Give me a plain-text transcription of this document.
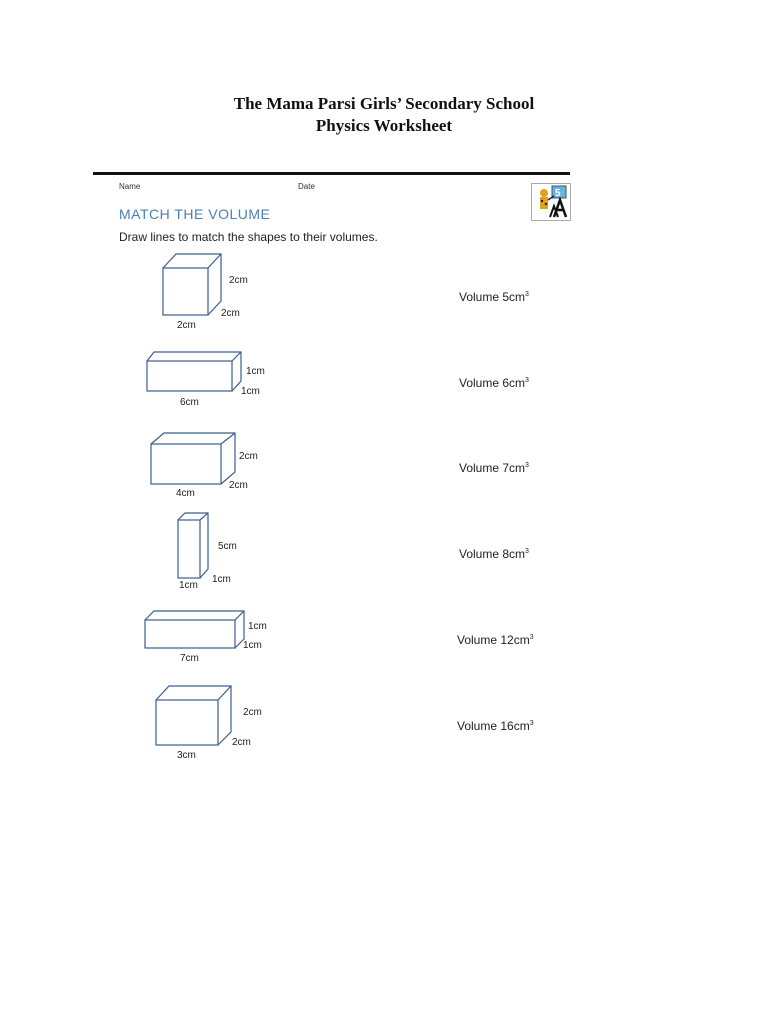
The Mama Parsi Girls’ Secondary School
Physics Worksheet
Name	Date
MATCH THE VOLUME
Draw lines to match the shapes to their volumes.
5
2cm
2cm
2cm
1cm
1cm
6cm
2cm
2cm
4cm
5cm
1cm
1cm
1cm
1cm
7cm
2cm
2cm
3cm
Volume $5cm^3$
Volume $6cm^3$
Volume $7cm^3$
Volume $8cm^3$
Volume $12cm^3$
Volume $16cm^3$
